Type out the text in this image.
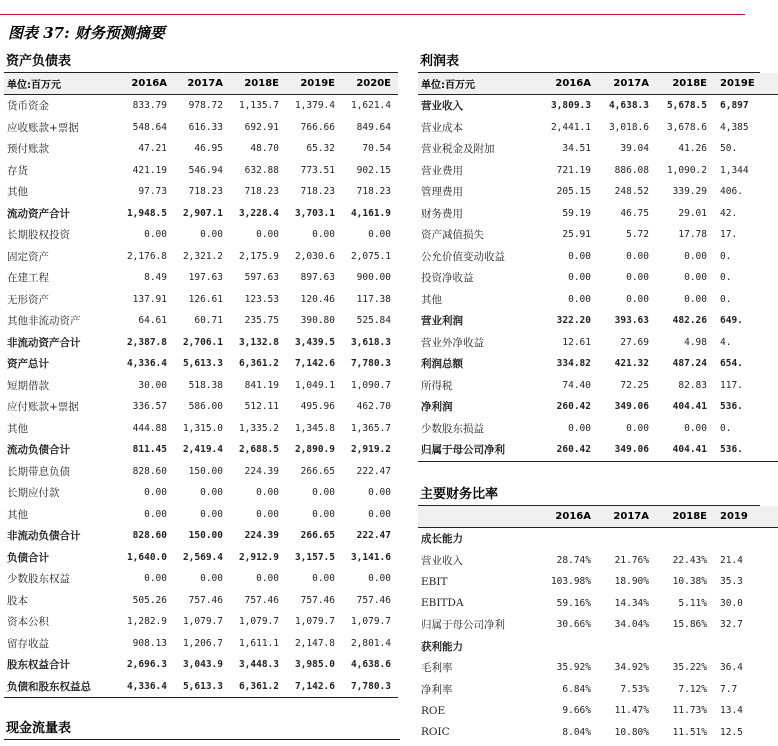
图表 37: 财务预测摘要
资产负债表
单位:百万元	2016A	2017A	2018E	2019E	2020E
货币资金	833.79	978.72	1,135.7	1,379.4	1,621.4
应收账款+票据	548.64	616.33	692.91	766.66	849.64
预付账款	47.21	46.95	48.70	65.32	70.54
存货	421.19	546.94	632.88	773.51	902.15
其他	97.73	718.23	718.23	718.23	718.23
流动资产合计	1,948.5	2,907.1	3,228.4	3,703.1	4,161.9
长期股权投资	0.00	0.00	0.00	0.00	0.00
固定资产	2,176.8	2,321.2	2,175.9	2,030.6	2,075.1
在建工程	8.49	197.63	597.63	897.63	900.00
无形资产	137.91	126.61	123.53	120.46	117.38
其他非流动资产	64.61	60.71	235.75	390.80	525.84
非流动资产合计	2,387.8	2,706.1	3,132.8	3,439.5	3,618.3
资产总计	4,336.4	5,613.3	6,361.2	7,142.6	7,780.3
短期借款	30.00	518.38	841.19	1,049.1	1,090.7
应付账款+票据	336.57	586.00	512.11	495.96	462.70
其他	444.88	1,315.0	1,335.2	1,345.8	1,365.7
流动负债合计	811.45	2,419.4	2,688.5	2,890.9	2,919.2
长期带息负债	828.60	150.00	224.39	266.65	222.47
长期应付款	0.00	0.00	0.00	0.00	0.00
其他	0.00	0.00	0.00	0.00	0.00
非流动负债合计	828.60	150.00	224.39	266.65	222.47
负债合计	1,640.0	2,569.4	2,912.9	3,157.5	3,141.6
少数股东权益	0.00	0.00	0.00	0.00	0.00
股本	505.26	757.46	757.46	757.46	757.46
资本公积	1,282.9	1,079.7	1,079.7	1,079.7	1,079.7
留存收益	908.13	1,206.7	1,611.1	2,147.8	2,801.4
股东权益合计	2,696.3	3,043.9	3,448.3	3,985.0	4,638.6
负债和股东权益总	4,336.4	5,613.3	6,361.2	7,142.6	7,780.3
利润表
单位:百万元	2016A	2017A	2018E	2019E
营业收入	3,809.3	4,638.3	5,678.5	6,897
营业成本	2,441.1	3,018.6	3,678.6	4,385
营业税金及附加	34.51	39.04	41.26	50.
营业费用	721.19	886.08	1,090.2	1,344
管理费用	205.15	248.52	339.29	406.
财务费用	59.19	46.75	29.01	42.
资产减值损失	25.91	5.72	17.78	17.
公允价值变动收益	0.00	0.00	0.00	0.
投资净收益	0.00	0.00	0.00	0.
其他	0.00	0.00	0.00	0.
营业利润	322.20	393.63	482.26	649.
营业外净收益	12.61	27.69	4.98	4.
利润总额	334.82	421.32	487.24	654.
所得税	74.40	72.25	82.83	117.
净利润	260.42	349.06	404.41	536.
少数股东损益	0.00	0.00	0.00	0.
归属于母公司净利	260.42	349.06	404.41	536.
主要财务比率
	2016A	2017A	2018E	2019
成长能力				
营业收入	28.74%	21.76%	22.43%	21.4
EBIT	103.98%	18.90%	10.38%	35.3
EBITDA	59.16%	14.34%	5.11%	30.0
归属于母公司净利	30.66%	34.04%	15.86%	32.7
获利能力				
毛利率	35.92%	34.92%	35.22%	36.4
净利率	6.84%	7.53%	7.12%	7.7
ROE	9.66%	11.47%	11.73%	13.4
ROIC	8.04%	10.80%	11.51%	12.5
现金流量表
